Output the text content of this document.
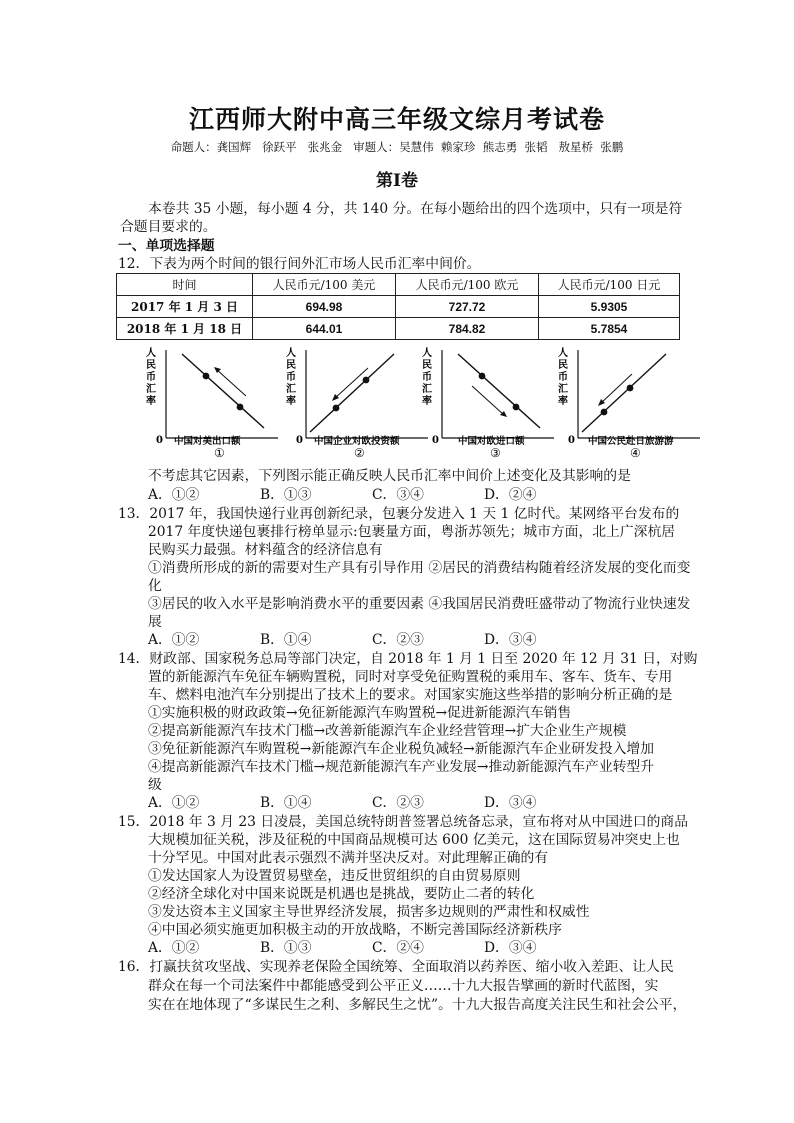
江西师大附中高三年级文综月考试卷
命题人：龚国辉   徐跃平   张兆金   审题人：吴慧伟  赖家珍  熊志勇  张韬   敖星桥  张鹏
第Ⅰ卷
本卷共 35 小题，每小题 4 分，共 140 分。在每小题给出的四个选项中，只有一项是符
合题目要求的。
一、单项选择题
12．下表为两个时间的银行间外汇市场人民币汇率中间价。
时间	人民币元/100 美元	人民币元/100 欧元	人民币元/100 日元
2017 年 1 月 3 日	694.98	727.72	5.9305
2018 年 1 月 18 日	644.01	784.82	5.7854
人民币汇率
0 中国对美出口额
①
人民币汇率
0 中国企业对欧投资额
②
人民币汇率
0 中国对欧进口额
③
人民币汇率
0 中国公民赴日旅游游
④
不考虑其它因素，下列图示能正确反映人民币汇率中间价上述变化及其影响的是
A．①②	B．①③	C．③④	D．②④
13．2017 年，我国快递行业再创新纪录，包裹分发进入 1 天 1 亿时代。某网络平台发布的
2017 年度快递包裹排行榜单显示:包裹量方面，粤浙苏领先；城市方面，北上广深杭居
民购买力最强。材料蕴含的经济信息有
①消费所形成的新的需要对生产具有引导作用 ②居民的消费结构随着经济发展的变化而变
化
③居民的收入水平是影响消费水平的重要因素 ④我国居民消费旺盛带动了物流行业快速发
展
A．①②	B．①④	C．②③	D．③④
14．财政部、国家税务总局等部门决定，自 2018 年 1 月 1 日至 2020 年 12 月 31 日，对购
置的新能源汽车免征车辆购置税，同时对享受免征购置税的乘用车、客车、货车、专用
车、燃料电池汽车分别提出了技术上的要求。对国家实施这些举措的影响分析正确的是
①实施积极的财政政策→免征新能源汽车购置税→促进新能源汽车销售
②提高新能源汽车技术门槛→改善新能源汽车企业经营管理→扩大企业生产规模
③免征新能源汽车购置税→新能源汽车企业税负减轻→新能源汽车企业研发投入增加
④提高新能源汽车技术门槛→规范新能源汽车产业发展→推动新能源汽车产业转型升
级
A．①②	B．①④	C．②③	D．③④
15．2018 年 3 月 23 日凌晨，美国总统特朗普签署总统备忘录，宣布将对从中国进口的商品
大规模加征关税，涉及征税的中国商品规模可达 600 亿美元，这在国际贸易冲突史上也
十分罕见。中国对此表示强烈不满并坚决反对。对此理解正确的有
①发达国家人为设置贸易壁垒，违反世贸组织的自由贸易原则
②经济全球化对中国来说既是机遇也是挑战，要防止二者的转化
③发达资本主义国家主导世界经济发展，损害多边规则的严肃性和权威性
④中国必须实施更加积极主动的开放战略，不断完善国际经济新秩序
A．①②	B．①③	C．②④	D．③④
16．打赢扶贫攻坚战、实现养老保险全国统筹、全面取消以药养医、缩小收入差距、让人民
群众在每一个司法案件中都能感受到公平正义……十九大报告擘画的新时代蓝图，实
实在在地体现了“多谋民生之利、多解民生之忧”。十九大报告高度关注民生和社会公平，
